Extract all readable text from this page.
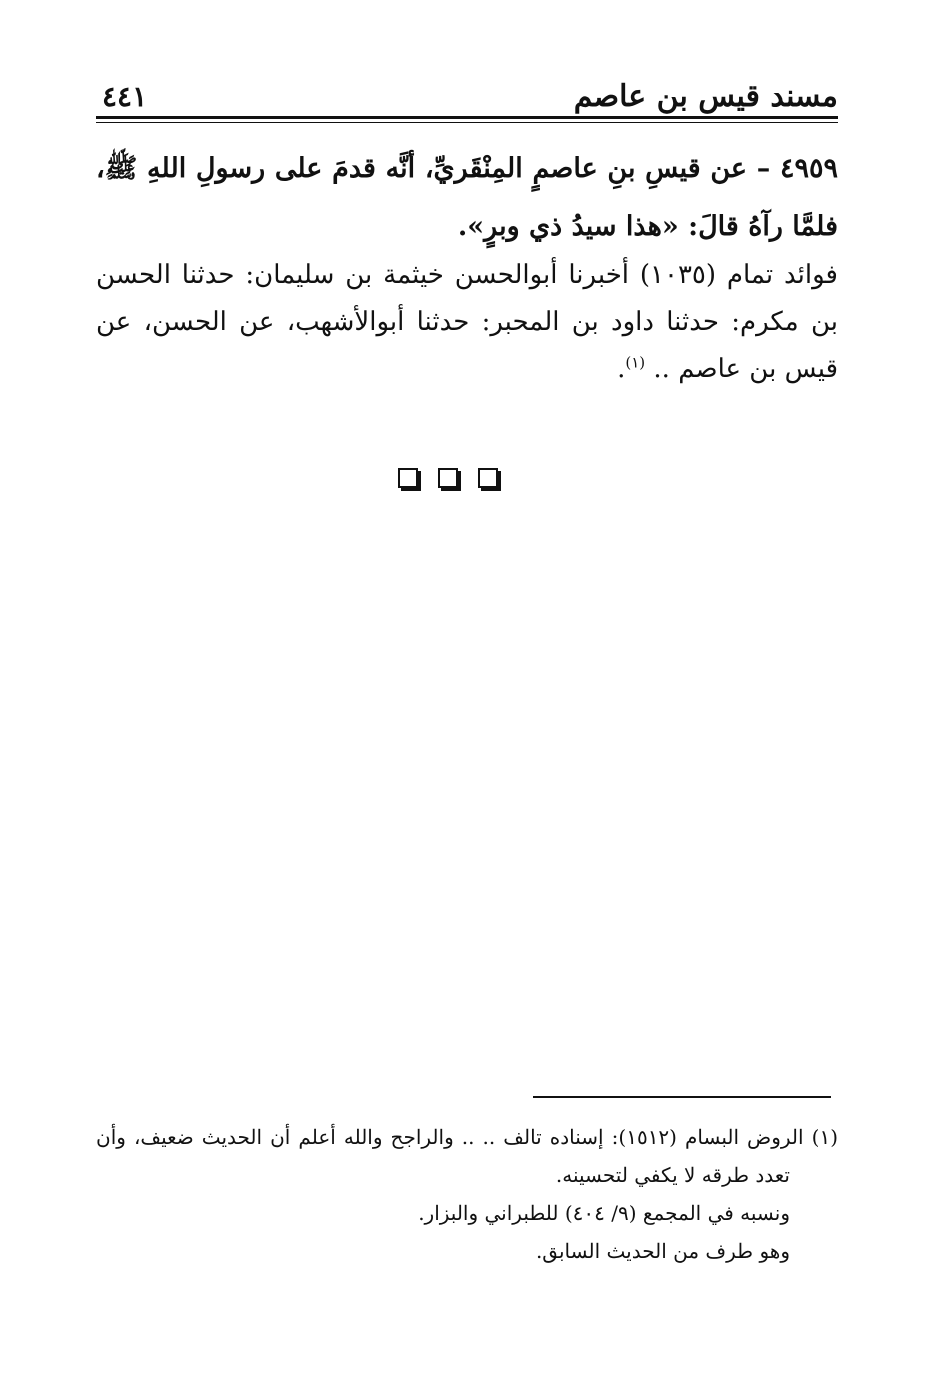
مسند قيس بن عاصم
٤٤١
٤٩٥٩ – عن قيسِ بنِ عاصمٍ المِنْقَريِّ، أنَّه قدمَ على رسولِ اللهِ ﷺ، فلمَّا رآهُ قالَ: «هذا سيدُ ذي وبرٍ».
فوائد تمام (١٠٣٥) أخبرنا أبوالحسن خيثمة بن سليمان: حدثنا الحسن بن مكرم: حدثنا داود بن المحبر: حدثنا أبوالأشهب، عن الحسن، عن قيس بن عاصم .. $^{(١)}$.
(١) الروض البسام (١٥١٢): إسناده تالف .. .. والراجح والله أعلم أن الحديث ضعيف، وأن
تعدد طرقه لا يكفي لتحسينه.
ونسبه في المجمع (٩/ ٤٠٤) للطبراني والبزار.
وهو طرف من الحديث السابق.
